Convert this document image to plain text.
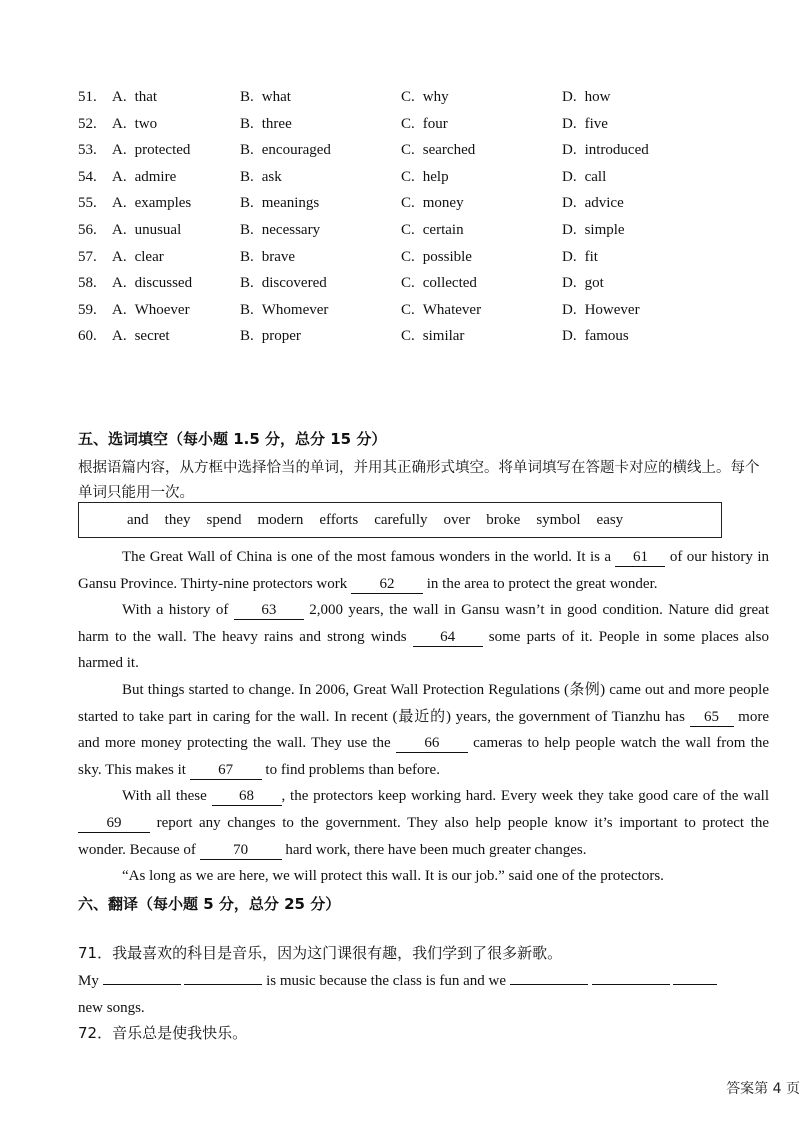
51. A. that	B. what	C. why	D. how
52. A. two	B. three	C. four	D. five
53. A. protected	B. encouraged	C. searched	D. introduced
54. A. admire	B. ask	C. help	D. call
55. A. examples	B. meanings	C. money	D. advice
56. A. unusual	B. necessary	C. certain	D. simple
57. A. clear	B. brave	C. possible	D. fit
58. A. discussed	B. discovered	C. collected	D. got
59. A. Whoever	B. Whomever	C. Whatever	D. However
60. A. secret	B. proper	C. similar	D. famous
五、选词填空（每小题 1.5 分，总分 15 分）
根据语篇内容，从方框中选择恰当的单词，并用其正确形式填空。将单词填写在答题卡对应的横线上。每个单词只能用一次。
and they spend modern efforts carefully over broke symbol easy

The Great Wall of China is one of the most famous wonders in the world. It is a 61 of our history in Gansu Province. Thirty-nine protectors work 62 in the area to protect the great wonder.

With a history of 63 2,000 years, the wall in Gansu wasn’t in good condition. Nature did great harm to the wall. The heavy rains and strong winds 64 some parts of it. People in some places also harmed it.

But things started to change. In 2006, Great Wall Protection Regulations (条例) came out and more people started to take part in caring for the wall. In recent (最近的) years, the government of Tianzhu has 65 more and more money protecting the wall. They use the 66 cameras to help people watch the wall from the sky. This makes it 67 to find problems than before.

With all these 68 , the protectors keep working hard. Every week they take good care of the wall 69 report any changes to the government. They also help people know it’s important to protect the wonder. Because of 70 hard work, there have been much greater changes.

“As long as we are here, we will protect this wall. It is our job.” said one of the protectors.

六、翻译（每小题 5 分，总分 25 分）
71．我最喜欢的科目是音乐，因为这门课很有趣，我们学到了很多新歌。
My	is music because the class is fun and we
new songs.
72．音乐总是使我快乐。
答案第 4 页
